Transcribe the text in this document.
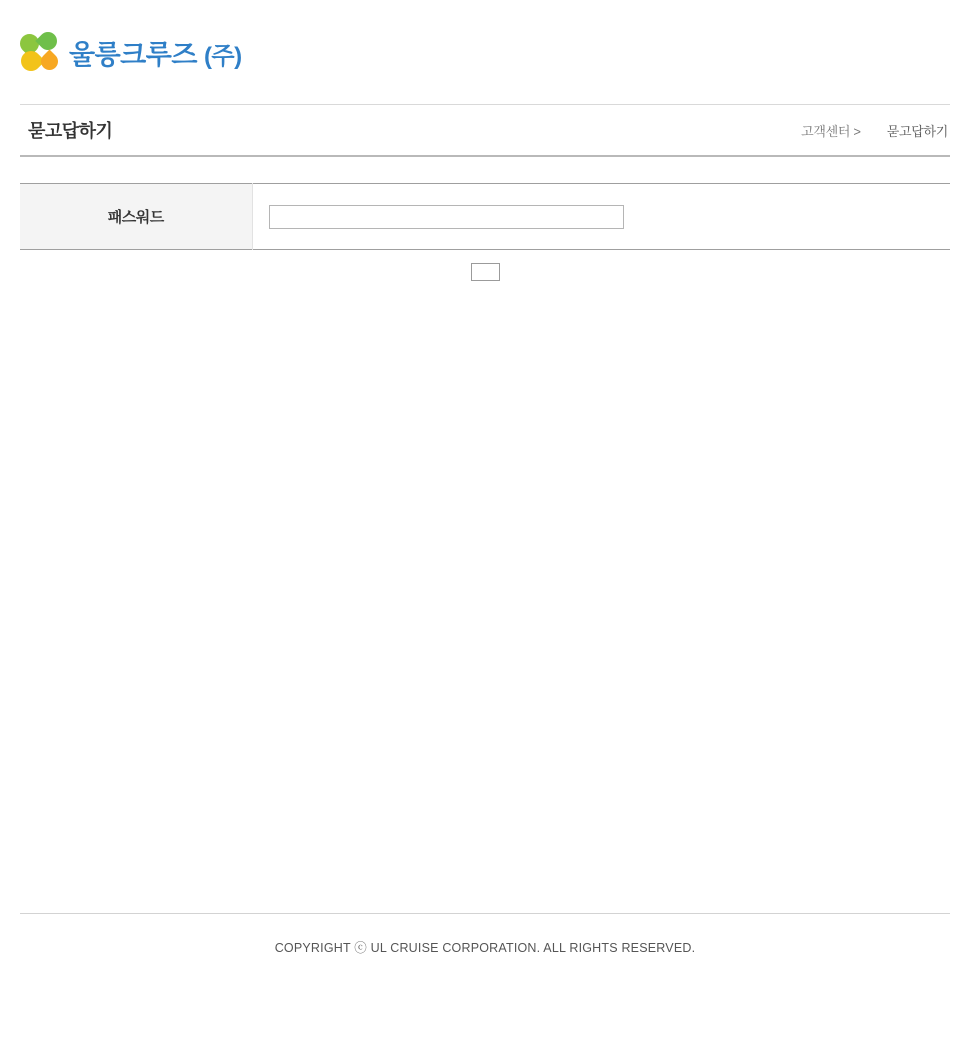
울릉크루즈 (주)
묻고답하기	고객센터 > 묻고답하기
패스워드	
COPYRIGHT ⓒ UL CRUISE CORPORATION. ALL RIGHTS RESERVED.
